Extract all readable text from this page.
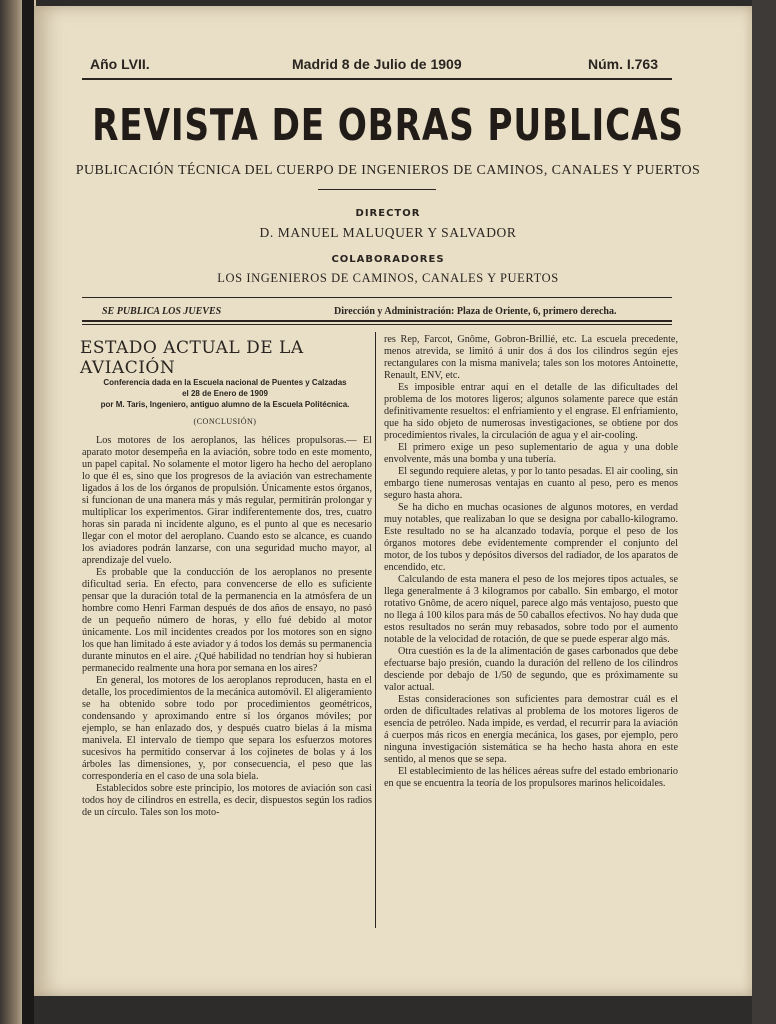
Año LVII.	Madrid 8 de Julio de 1909	Núm. I.763
REVISTA DE OBRAS PUBLICAS
PUBLICACIÓN TÉCNICA DEL CUERPO DE INGENIEROS DE CAMINOS, CANALES Y PUERTOS
DIRECTOR
D. MANUEL MALUQUER Y SALVADOR
COLABORADORES
LOS INGENIEROS DE CAMINOS, CANALES Y PUERTOS
SE PUBLICA LOS JUEVES	Dirección y Administración: Plaza de Oriente, 6, primero derecha.
ESTADO ACTUAL DE LA AVIACIÓN
Conferencia dada en la Escuela nacional de Puentes y Calzadas
el 28 de Enero de 1909
por M. Taris, Ingeniero, antiguo alumno de la Escuela Politécnica.
(CONCLUSIÓN)

Los motores de los aeroplanos, las hélices propulsoras.— El aparato motor desempeña en la aviación, sobre todo en este momento, un papel capital. No solamente el motor ligero ha hecho del aeroplano lo que él es, sino que los progresos de la aviación van estrechamente ligados á los de los órganos de propulsión. Únicamente estos órganos, si funcionan de una manera más y más regular, permitirán prolongar y multiplicar los experimentos. Girar indiferentemente dos, tres, cuatro horas sin parada ni incidente alguno, es el punto al que es necesario llegar con el motor del aeroplano. Cuando esto se alcance, es cuando los aviadores podrán lanzarse, con una seguridad mucho mayor, al aprendizaje del vuelo.

Es probable que la conducción de los aeroplanos no presente dificultad seria. En efecto, para convencerse de ello es suficiente pensar que la duración total de la permanencia en la atmósfera de un hombre como Henri Farman después de dos años de ensayo, no pasó de un pequeño número de horas, y ello fué debido al motor únicamente. Los mil incidentes creados por los motores son en signo los que han limitado á este aviador y á todos los demás su permanencia durante minutos en el aire. ¿Qué habilidad no tendrían hoy si hubieran permanecido realmente una hora por semana en los aires?

En general, los motores de los aeroplanos reproducen, hasta en el detalle, los procedimientos de la mecánica automóvil. El aligeramiento se ha obtenido sobre todo por procedimientos geométricos, condensando y aproximando entre sí los órganos móviles; por ejemplo, se han enlazado dos, y después cuatro bielas á la misma manivela. El intervalo de tiempo que separa los esfuerzos motores sucesivos ha permitido conservar á los cojinetes de bolas y á los árboles las dimensiones, y, por consecuencia, el peso que las correspondería en el caso de una sola biela.

Establecidos sobre este principio, los motores de aviación son casi todos hoy de cilindros en estrella, es decir, dispuestos según los radios de un círculo. Tales son los moto-

res Rep, Farcot, Gnôme, Gobron-Brillié, etc. La escuela precedente, menos atrevida, se limitó á unir dos á dos los cilindros según ejes rectangulares con la misma manivela; tales son los motores Antoinette, Renault, ENV, etc.

Es imposible entrar aquí en el detalle de las dificultades del problema de los motores ligeros; algunos solamente parece que están definitivamente resueltos: el enfriamiento y el engrase. El enfriamiento, que ha sido objeto de numerosas investigaciones, se obtiene por dos procedimientos rivales, la circulación de agua y el air-cooling.

El primero exige un peso suplementario de agua y una doble envolvente, más una bomba y una tubería.

El segundo requiere aletas, y por lo tanto pesadas. El air cooling, sin embargo tiene numerosas ventajas en cuanto al peso, pero es menos seguro hasta ahora.

Se ha dicho en muchas ocasiones de algunos motores, en verdad muy notables, que realizaban lo que se designa por caballo-kilogramo. Este resultado no se ha alcanzado todavía, porque el peso de los órganos motores debe evidentemente comprender el conjunto del motor, de los tubos y depósitos diversos del radiador, de los aparatos de encendido, etc.

Calculando de esta manera el peso de los mejores tipos actuales, se llega generalmente á 3 kilogramos por caballo. Sin embargo, el motor rotativo Gnôme, de acero níquel, parece algo más ventajoso, puesto que no llega á 100 kilos para más de 50 caballos efectivos. No hay duda que estos resultados no serán muy rebasados, sobre todo por el aumento notable de la velocidad de rotación, de que se puede esperar algo más.

Otra cuestión es la de la alimentación de gases carbonados que debe efectuarse bajo presión, cuando la duración del relleno de los cilindros desciende por debajo de 1/50 de segundo, que es próximamente su valor actual.

Estas consideraciones son suficientes para demostrar cuál es el orden de dificultades relativas al problema de los motores ligeros de esencia de petróleo. Nada impide, es verdad, el recurrir para la aviación á cuerpos más ricos en energía mecánica, los gases, por ejemplo, pero ninguna investigación sistemática se ha hecho hasta ahora en este sentido, al menos que se sepa.

El establecimiento de las hélices aéreas sufre del estado embrionario en que se encuentra la teoría de los propulsores marinos helicoidales.
